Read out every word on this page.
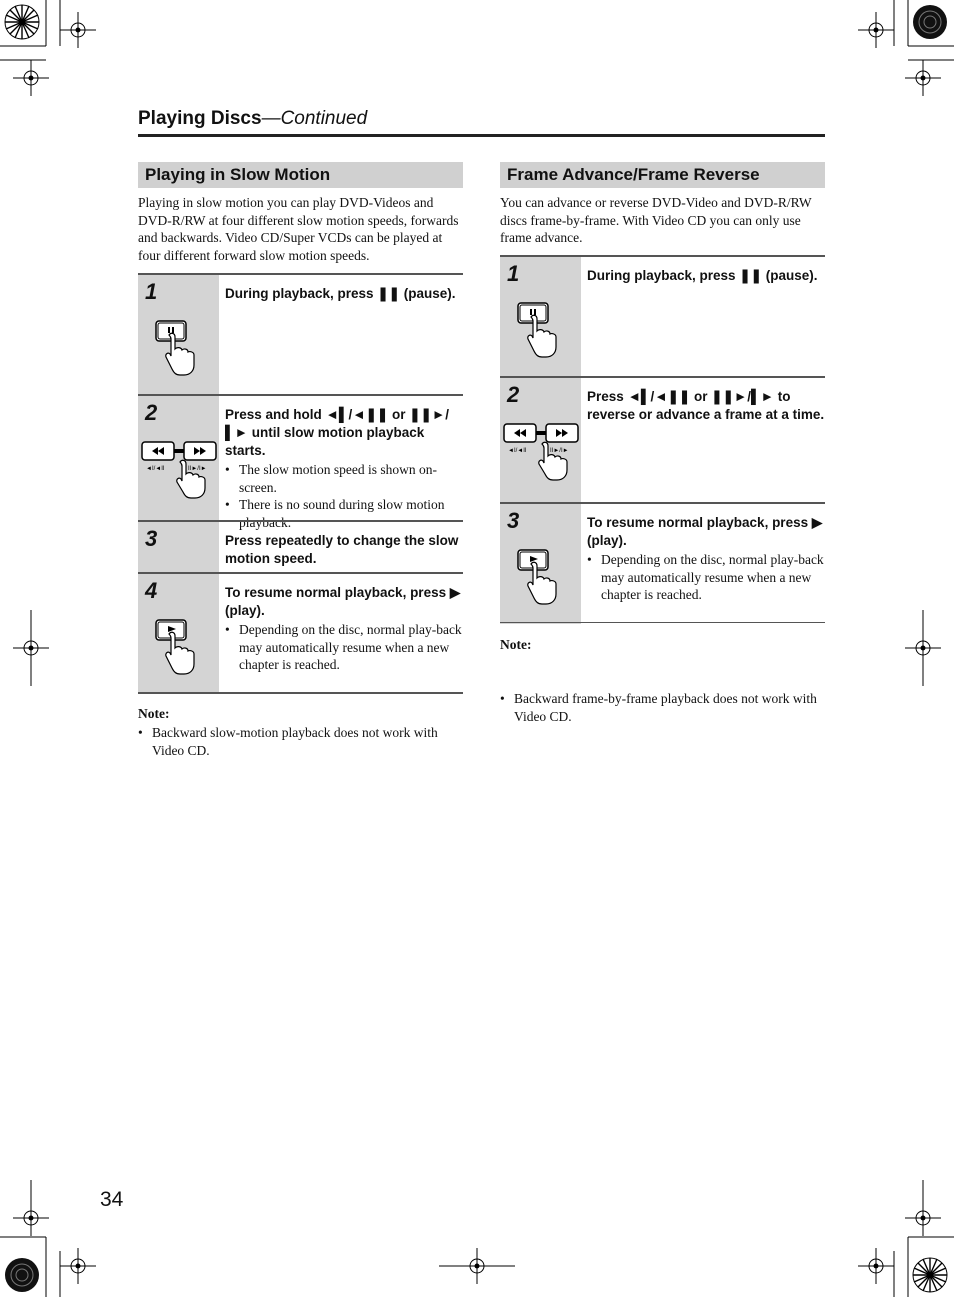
Playing Discs—Continued
Playing in Slow Motion
Playing in slow motion you can play DVD-Videos and DVD-R/RW at four different slow motion speeds, forwards and backwards. Video CD/Super VCDs can be played at four different forward slow motion speeds.
1	During playback, press ❚❚ (pause).
2
◄I/◄II	II►/I►
Press and hold ◄▌/◄❚❚ or ❚❚►/▌► until slow motion playback starts.
• The slow motion speed is shown on-screen.
• There is no sound during slow motion playback.
3	Press repeatedly to change the slow motion speed.
4	To resume normal playback, press ▶ (play).
• Depending on the disc, normal play-back may automatically resume when a new chapter is reached.
Note:
• Backward slow-motion playback does not work with Video CD.
Frame Advance/Frame Reverse
You can advance or reverse DVD-Video and DVD-R/RW discs frame-by-frame. With Video CD you can only use frame advance.
1	During playback, press ❚❚ (pause).
2
◄I/◄II	II►/I►
Press ◄▌/◄❚❚ or ❚❚►/▌► to reverse or advance a frame at a time.
3	To resume normal playback, press ▶ (play).
• Depending on the disc, normal play-back may automatically resume when a new chapter is reached.
Note:
• Backward frame-by-frame playback does not work with Video CD.
34
